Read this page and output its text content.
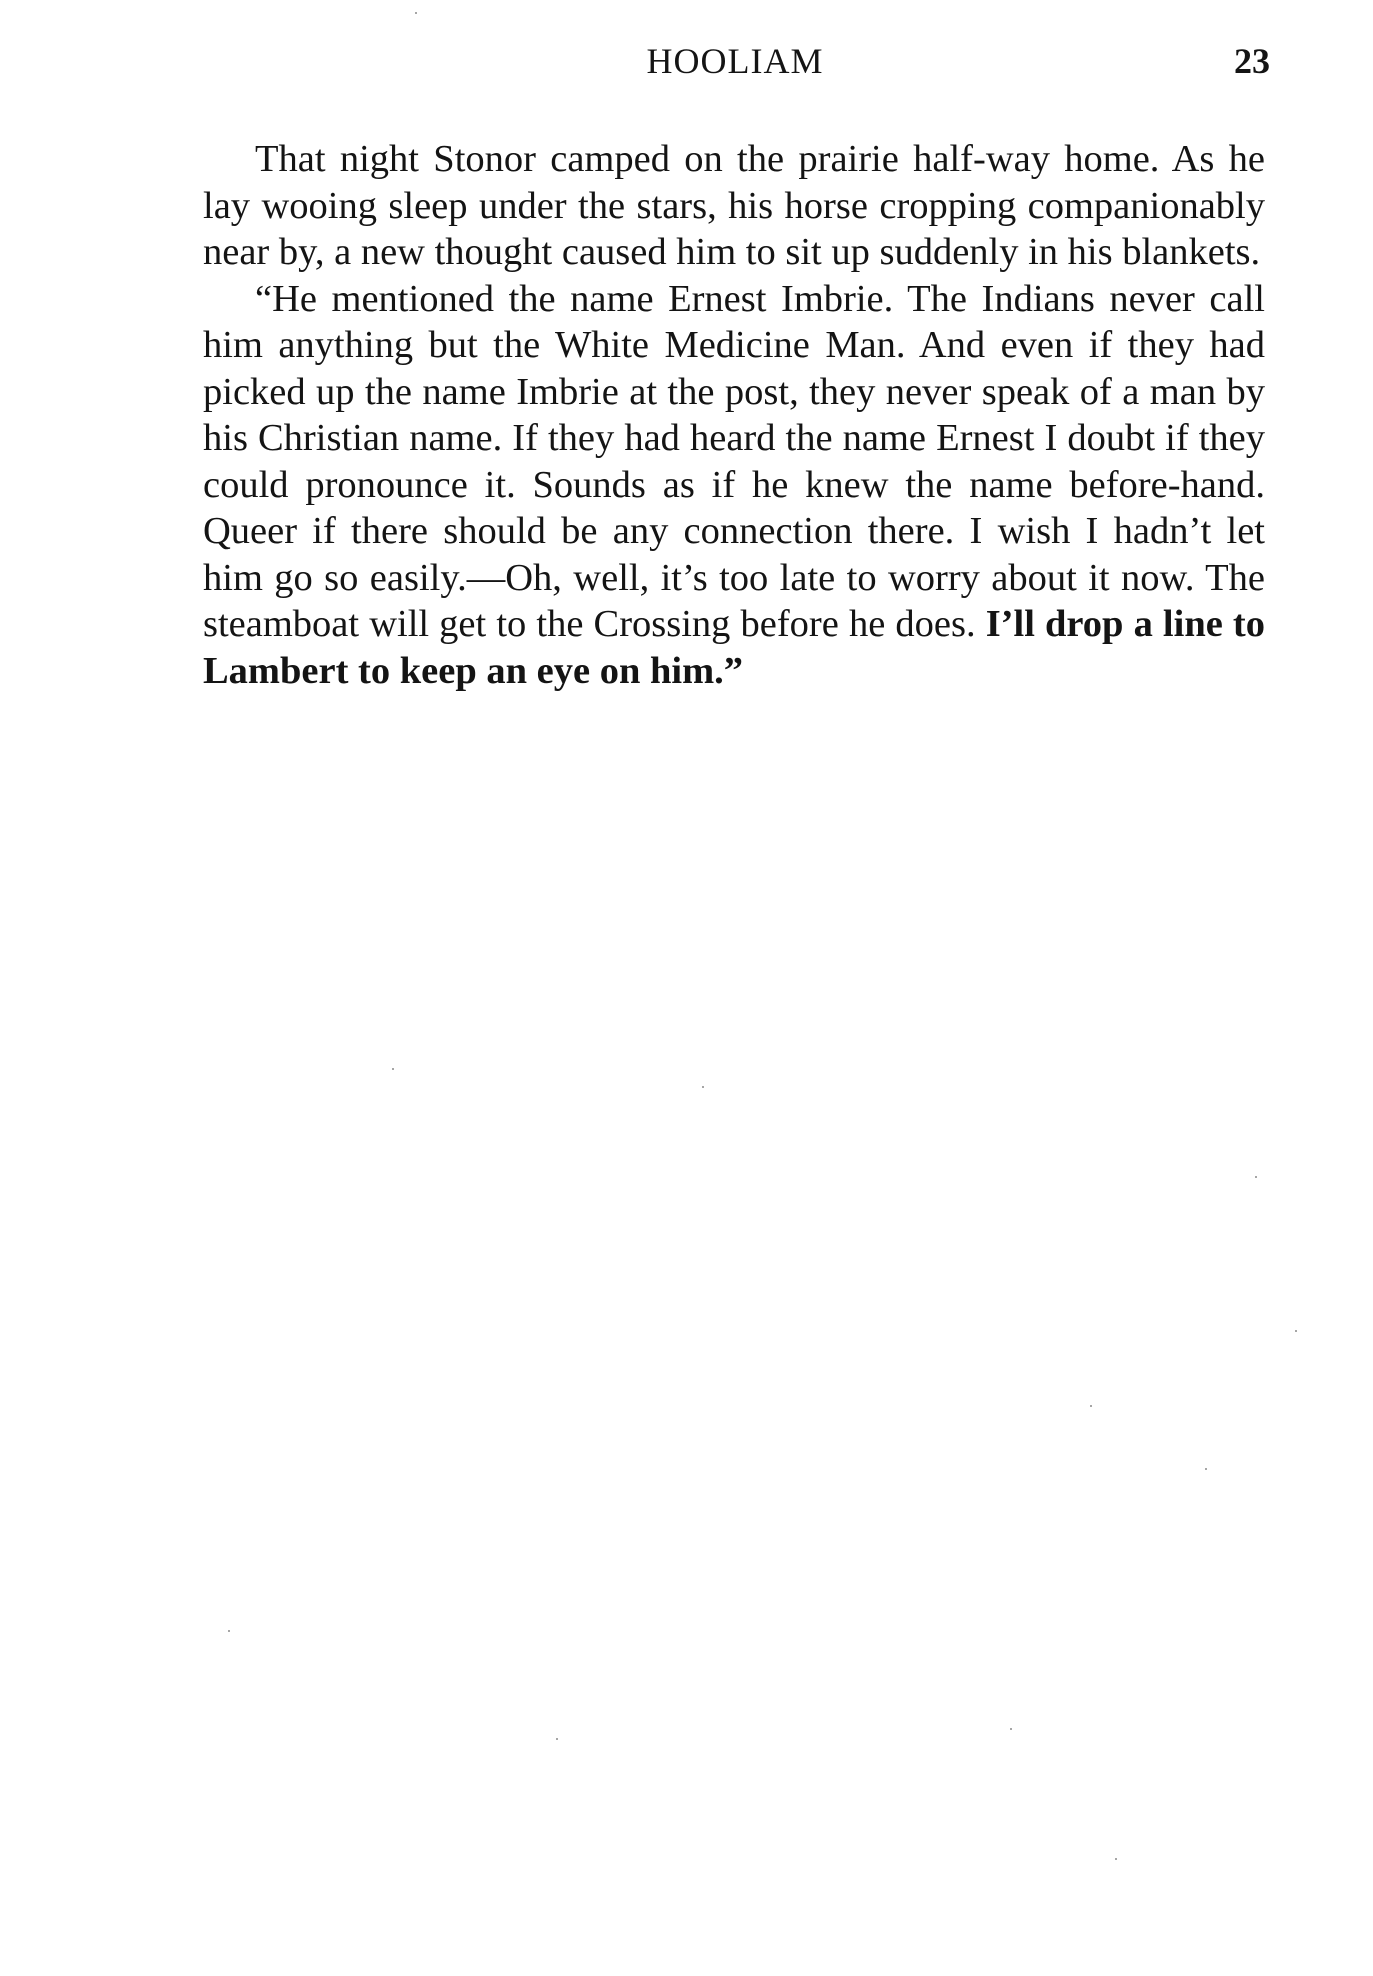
HOOLIAM	23

That night Stonor camped on the prairie half-way home. As he lay wooing sleep under the stars, his horse cropping companionably near by, a new thought caused him to sit up suddenly in his blankets.

“He mentioned the name Ernest Imbrie. The Indians never call him anything but the White Medicine Man. And even if they had picked up the name Imbrie at the post, they never speak of a man by his Christian name. If they had heard the name Ernest I doubt if they could pronounce it. Sounds as if he knew the name before-hand. Queer if there should be any connection there. I wish I hadn’t let him go so easily.—Oh, well, it’s too late to worry about it now. The steamboat will get to the Crossing before he does. I’ll drop a line to Lambert to keep an eye on him.”
